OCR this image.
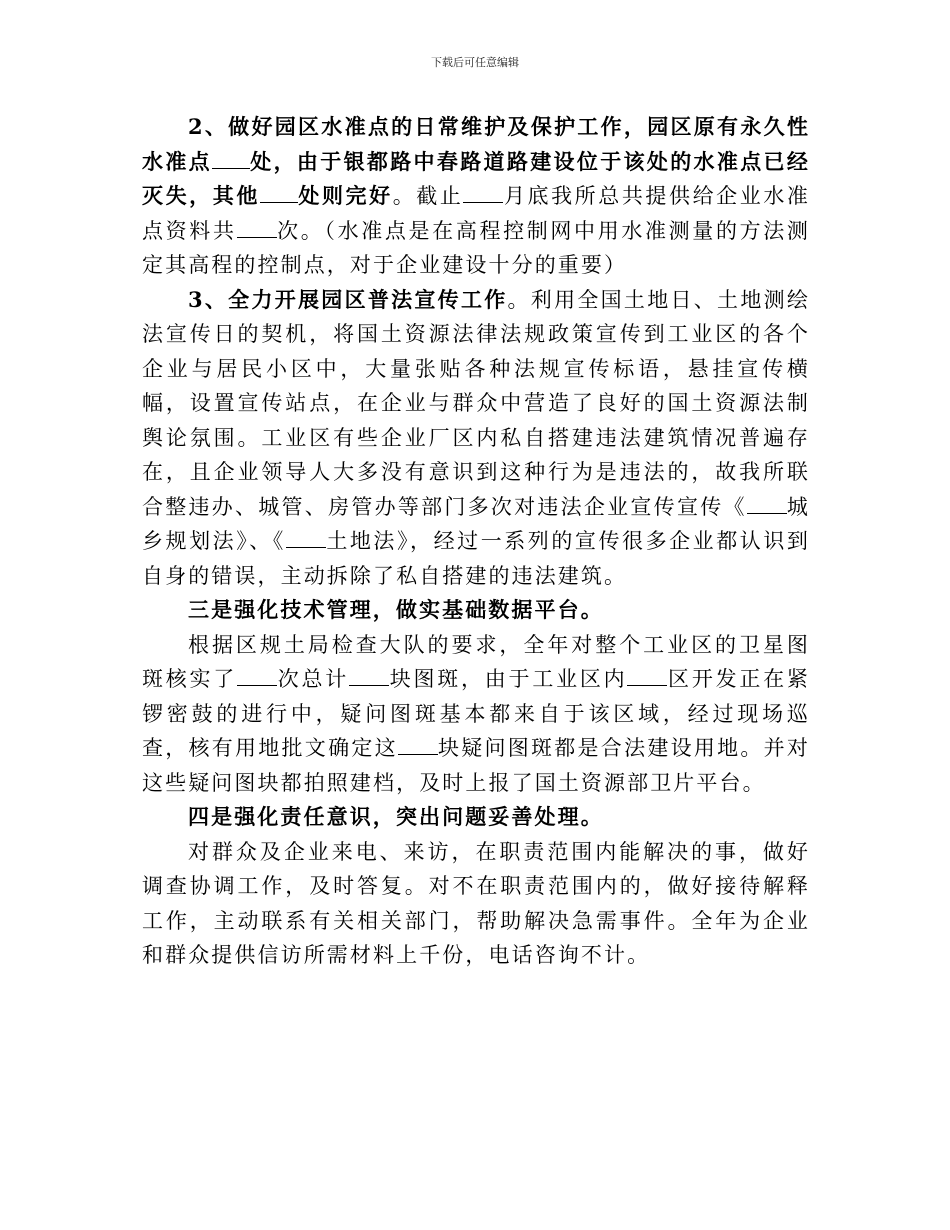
下载后可任意编辑

2、做好园区水准点的日常维护及保护工作，园区原有永久性水准点 处，由于银都路中春路道路建设位于该处的水准点已经灭失，其他 处则完好。截止 月底我所总共提供给企业水准点资料共 次。（水准点是在高程控制网中用水准测量的方法测定其高程的控制点，对于企业建设十分的重要）

3、全力开展园区普法宣传工作。利用全国土地日、土地测绘法宣传日的契机，将国土资源法律法规政策宣传到工业区的各个企业与居民小区中，大量张贴各种法规宣传标语，悬挂宣传横幅，设置宣传站点，在企业与群众中营造了良好的国土资源法制舆论氛围。工业区有些企业厂区内私自搭建违法建筑情况普遍存在，且企业领导人大多没有意识到这种行为是违法的，故我所联合整违办、城管、房管办等部门多次对违法企业宣传宣传《 城乡规划法》、《 土地法》，经过一系列的宣传很多企业都认识到自身的错误，主动拆除了私自搭建的违法建筑。

三是强化技术管理，做实基础数据平台。

根据区规土局检查大队的要求，全年对整个工业区的卫星图斑核实了 次总计 块图斑，由于工业区内 区开发正在紧锣密鼓的进行中，疑问图斑基本都来自于该区域，经过现场巡查，核有用地批文确定这 块疑问图斑都是合法建设用地。并对这些疑问图块都拍照建档，及时上报了国土资源部卫片平台。

四是强化责任意识，突出问题妥善处理。

对群众及企业来电、来访，在职责范围内能解决的事，做好调查协调工作，及时答复。对不在职责范围内的，做好接待解释工作，主动联系有关相关部门，帮助解决急需事件。全年为企业和群众提供信访所需材料上千份，电话咨询不计。
